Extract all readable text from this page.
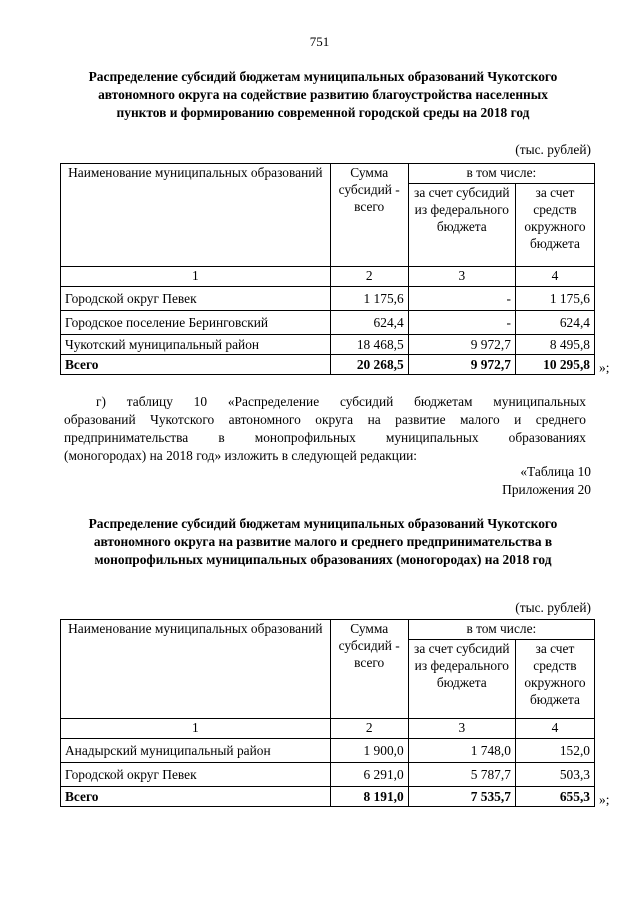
751
Распределение субсидий бюджетам муниципальных образований Чукотского
автономного округа на содействие развитию благоустройства населенных
пунктов и формированию современной городской среды на 2018 год
(тыс. рублей)
Наименование муниципальных образований	Сумма субсидий - всего	в том числе:	
		за счет субсидий из федерального бюджета	за счет средств окружного бюджета
1	2	3	4
Городской округ Певек	1 175,6	-	1 175,6
Городское поселение Беринговский	624,4	-	624,4
Чукотский муниципальный район	18 468,5	9 972,7	8 495,8
Всего	20 268,5	9 972,7	10 295,8 »;
г) таблицу 10 «Распределение субсидий бюджетам муниципальных
образований Чукотского автономного округа на развитие малого и среднего
предпринимательства в монопрофильных муниципальных образованиях
(моногородах) на 2018 год» изложить в следующей редакции:
«Таблица 10
Приложения 20
Распределение субсидий бюджетам муниципальных образований Чукотского
автономного округа на развитие малого и среднего предпринимательства в
монопрофильных муниципальных образованиях (моногородах) на 2018 год
(тыс. рублей)
Наименование муниципальных образований	Сумма субсидий - всего	в том числе:	
		за счет субсидий из федерального бюджета	за счет средств окружного бюджета
1	2	3	4
Анадырский муниципальный район	1 900,0	1 748,0	152,0
Городской округ Певек	6 291,0	5 787,7	503,3
Всего	8 191,0	7 535,7	655,3 »;
